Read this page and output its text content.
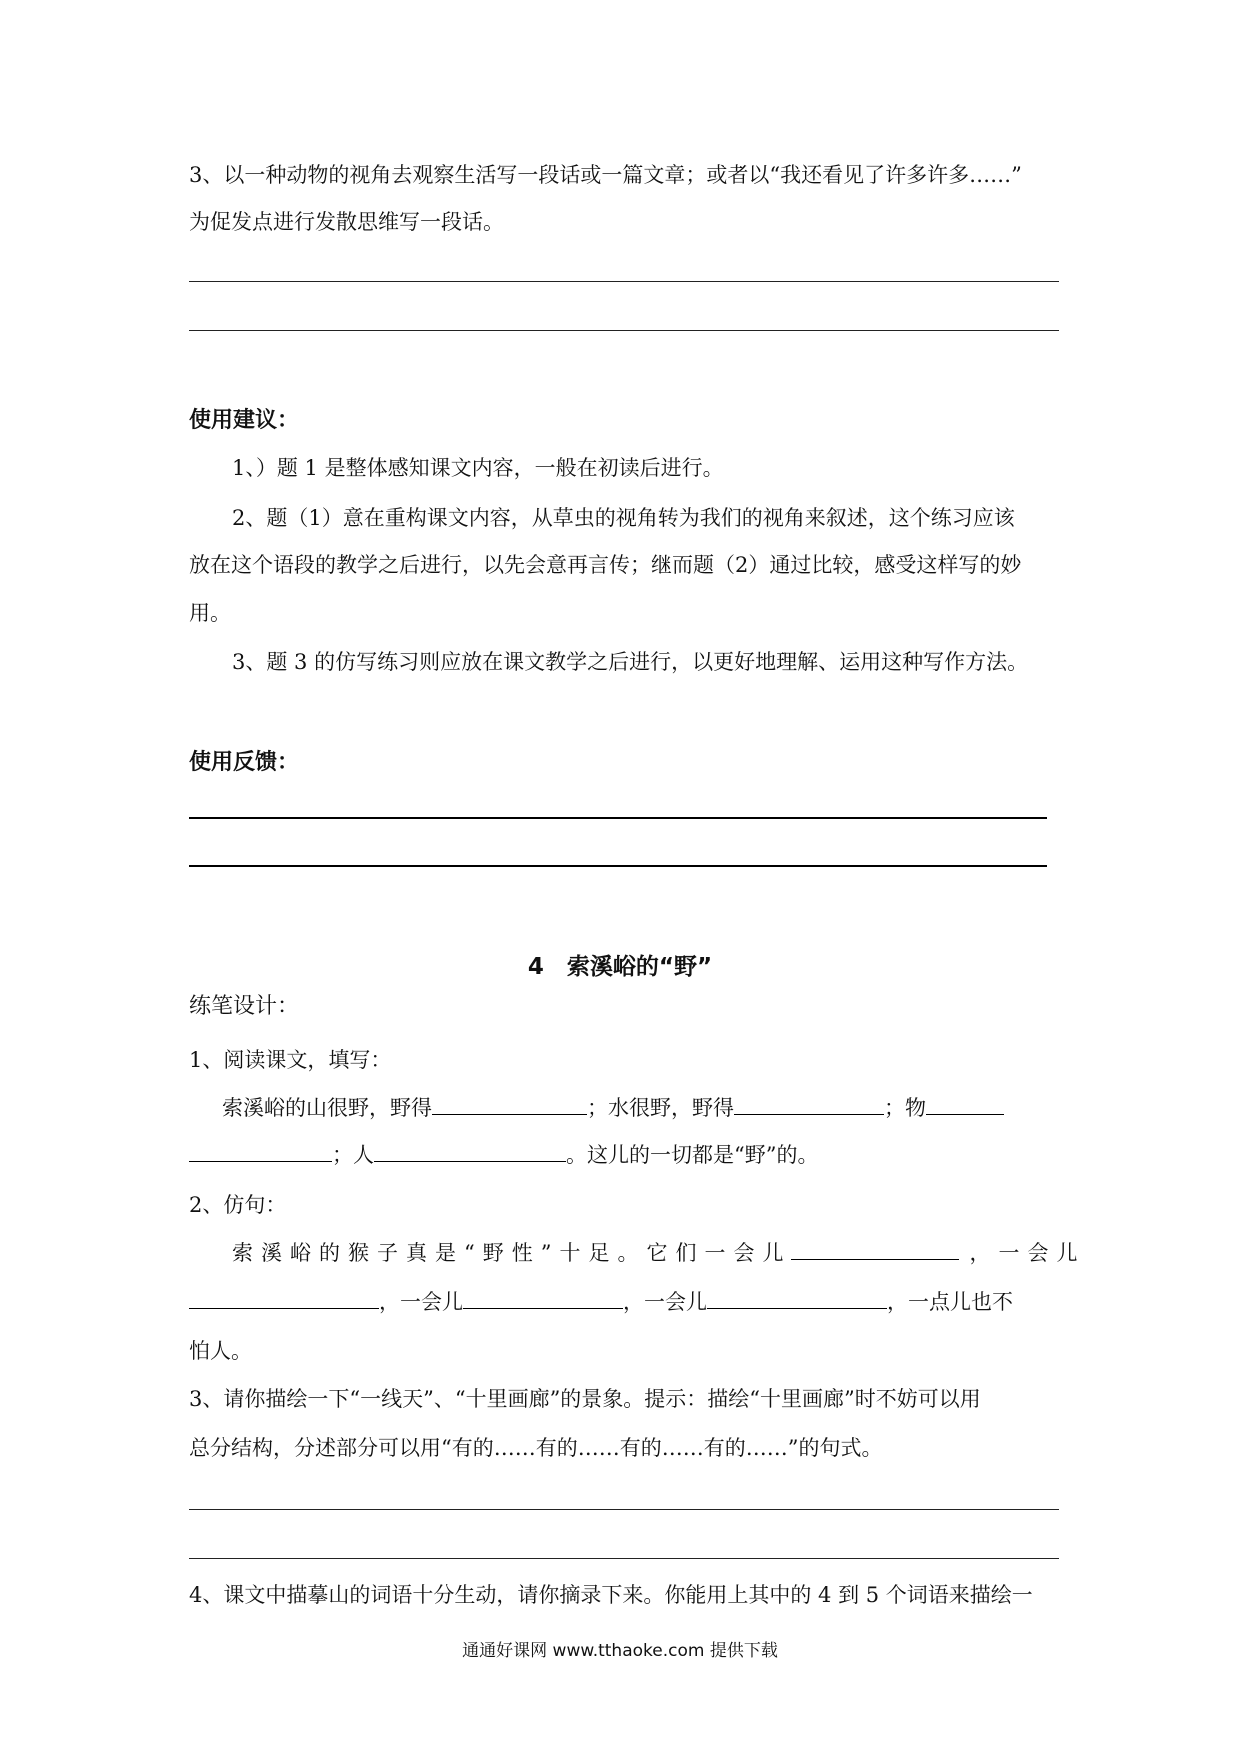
3、以一种动物的视角去观察生活写一段话或一篇文章；或者以“我还看见了许多许多……”
为促发点进行发散思维写一段话。
使用建议：
1、）题 1 是整体感知课文内容，一般在初读后进行。
2、题（1）意在重构课文内容，从草虫的视角转为我们的视角来叙述，这个练习应该
放在这个语段的教学之后进行，以先会意再言传；继而题（2）通过比较，感受这样写的妙
用。
3、题 3 的仿写练习则应放在课文教学之后进行，以更好地理解、运用这种写作方法。
使用反馈：
4　索溪峪的“野”
练笔设计：
1、阅读课文，填写：
索溪峪的山很野，野得	；水很野，野得	；物
；人	。这儿的一切都是“野”的。
2、仿句：
索溪峪的猴子真是“野性”十足。它们一会儿	，一会儿
，一会儿	，一会儿	，一点儿也不
怕人。
3、请你描绘一下“一线天”、“十里画廊”的景象。提示：描绘“十里画廊”时不妨可以用
总分结构，分述部分可以用“有的……有的……有的……有的……”的句式。
4、课文中描摹山的词语十分生动，请你摘录下来。你能用上其中的 4 到 5 个词语来描绘一
通通好课网 www.tthaoke.com 提供下载
